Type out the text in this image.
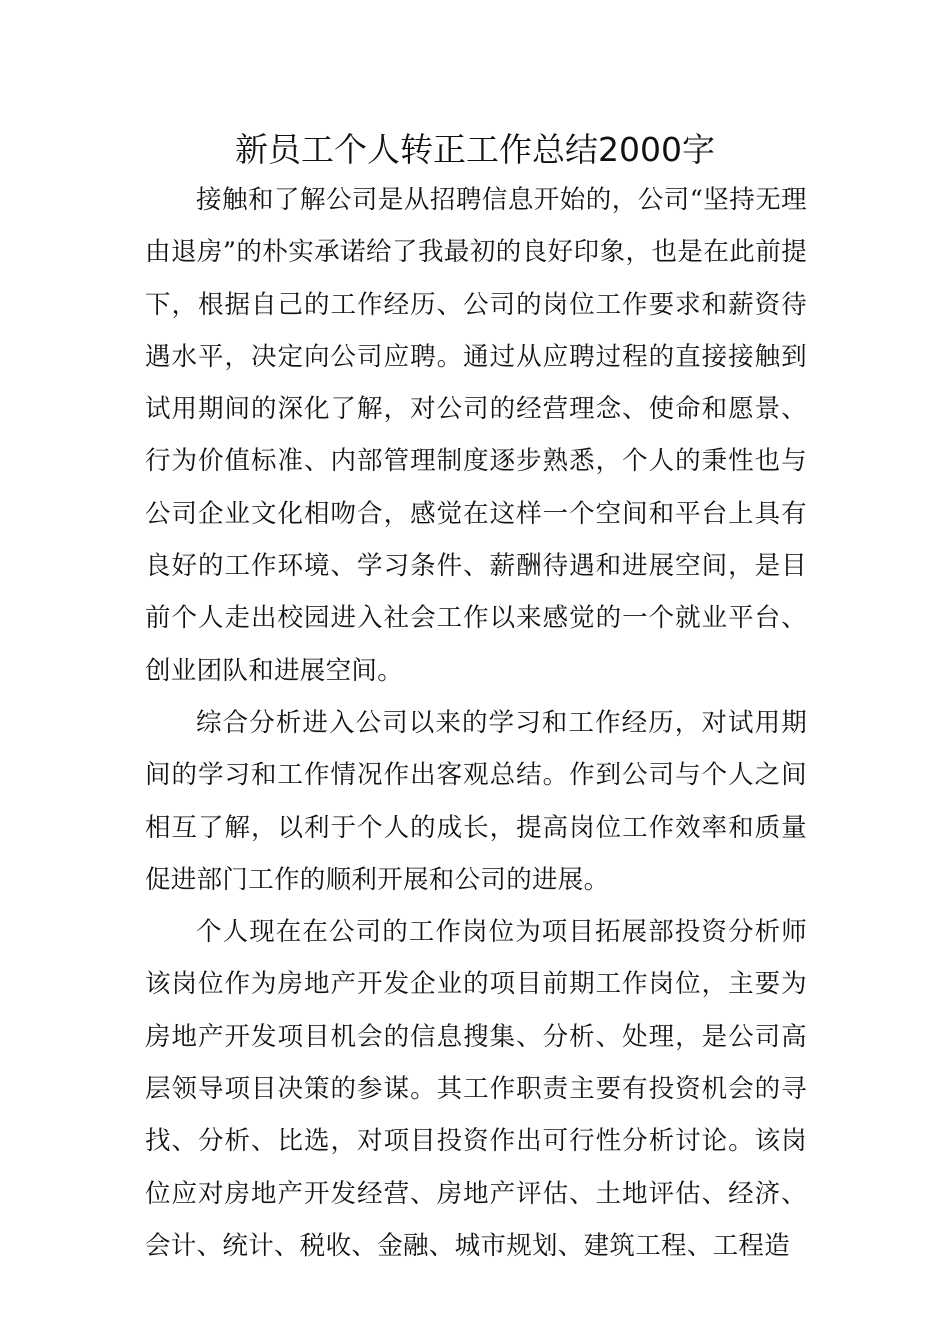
新员工个人转正工作总结2000字

接触和了解公司是从招聘信息开始的，公司“坚持无理由退房”的朴实承诺给了我最初的良好印象，也是在此前提下，根据自己的工作经历、公司的岗位工作要求和薪资待遇水平，决定向公司应聘。通过从应聘过程的直接接触到试用期间的深化了解，对公司的经营理念、使命和愿景、行为价值标准、内部管理制度逐步熟悉，个人的秉性也与公司企业文化相吻合，感觉在这样一个空间和平台上具有良好的工作环境、学习条件、薪酬待遇和进展空间，是目前个人走出校园进入社会工作以来感觉的一个就业平台、创业团队和进展空间。

综合分析进入公司以来的学习和工作经历，对试用期间的学习和工作情况作出客观总结。作到公司与个人之间相互了解，以利于个人的成长，提高岗位工作效率和质量促进部门工作的顺利开展和公司的进展。

个人现在在公司的工作岗位为项目拓展部投资分析师该岗位作为房地产开发企业的项目前期工作岗位，主要为房地产开发项目机会的信息搜集、分析、处理，是公司高层领导项目决策的参谋。其工作职责主要有投资机会的寻找、分析、比选，对项目投资作出可行性分析讨论。该岗位应对房地产开发经营、房地产评估、土地评估、经济、会计、统计、税收、金融、城市规划、建筑工程、工程造
